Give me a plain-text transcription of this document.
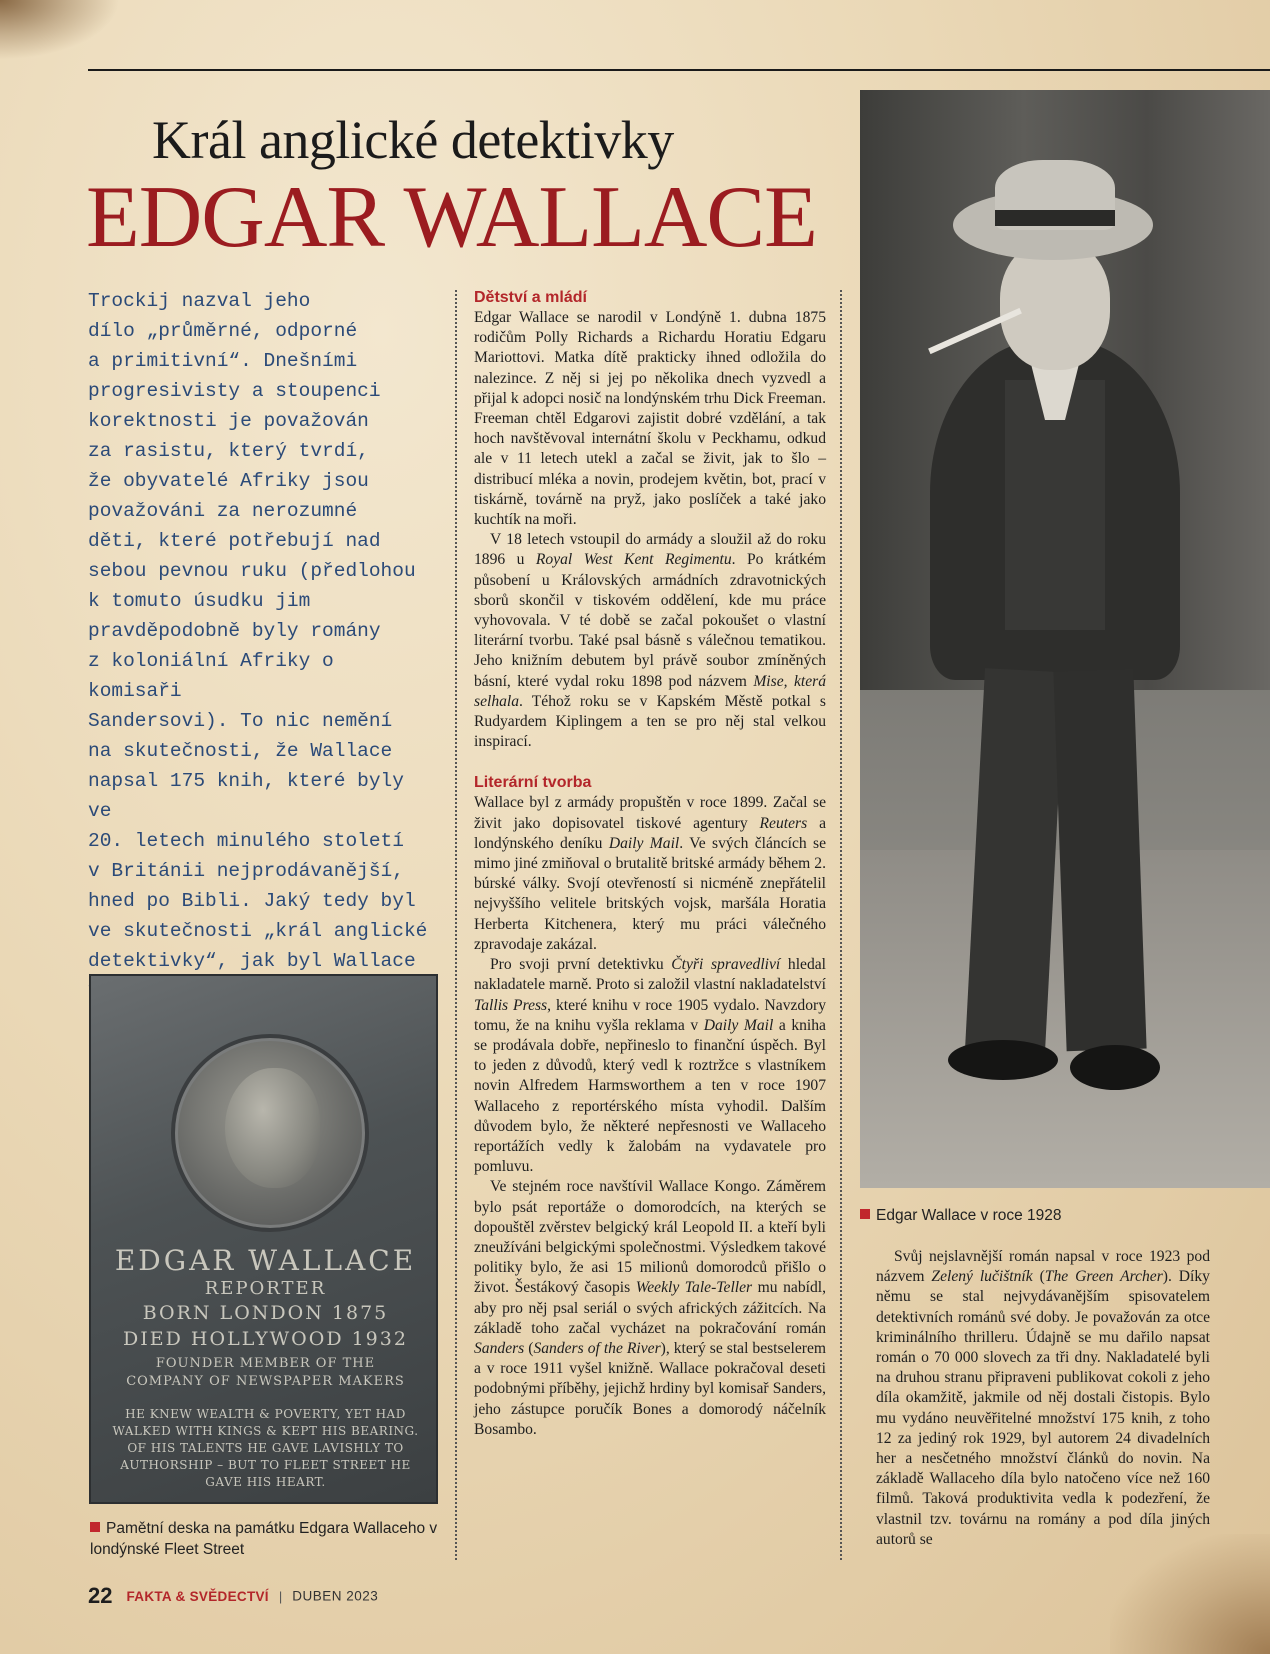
Král anglické detektivky
EDGAR WALLACE
Trockij nazval jeho
dílo „průměrné, odporné
a primitivní“. Dnešními
progresivisty a stoupenci
korektnosti je považován
za rasistu, který tvrdí,
že obyvatelé Afriky jsou
považováni za nerozumné
děti, které potřebují nad
sebou pevnou ruku (předlohou
k tomuto úsudku jim
pravděpodobně byly romány
z koloniální Afriky o komisaři
Sandersovi). To nic nemění
na skutečnosti, že Wallace
napsal 175 knih, které byly ve
20. letech minulého století
v Británii nejprodávanější,
hned po Bibli. Jaký tedy byl
ve skutečnosti „král anglické
detektivky“, jak byl Wallace

EDGAR WALLACE
REPORTER
BORN LONDON 1875
DIED HOLLYWOOD 1932
FOUNDER MEMBER OF THE
COMPANY OF NEWSPAPER MAKERS
HE KNEW WEALTH & POVERTY, YET HAD WALKED WITH KINGS & KEPT HIS BEARING. OF HIS TALENTS HE GAVE LAVISHLY TO AUTHORSHIP – BUT TO FLEET STREET HE GAVE HIS HEART.
Pamětní deska na památku Edgara Wallaceho v londýnské Fleet Street
Dětství a mládí

Edgar Wallace se narodil v Londýně 1. dubna 1875 rodičům Polly Richards a Richardu Horatiu Edgaru Mariottovi. Matka dítě prakticky ihned odložila do nalezince. Z něj si jej po několika dnech vyzvedl a přijal k adopci nosič na londýnském trhu Dick Freeman. Freeman chtěl Edgarovi zajistit dobré vzdělání, a tak hoch navštěvoval internátní školu v Peckhamu, odkud ale v 11 letech utekl a začal se živit, jak to šlo – distribucí mléka a novin, prodejem květin, bot, prací v tiskárně, továrně na pryž, jako poslíček a také jako kuchtík na moři.

V 18 letech vstoupil do armády a sloužil až do roku 1896 u Royal West Kent Regimentu. Po krátkém působení u Královských armádních zdravotnických sborů skončil v tiskovém oddělení, kde mu práce vyhovovala. V té době se začal pokoušet o vlastní literární tvorbu. Také psal básně s válečnou tematikou. Jeho knižním debutem byl právě soubor zmíněných básní, které vydal roku 1898 pod názvem Mise, která selhala. Téhož roku se v Kapském Městě potkal s Rudyardem Kiplingem a ten se pro něj stal velkou inspirací.

Literární tvorba

Wallace byl z armády propuštěn v roce 1899. Začal se živit jako dopisovatel tiskové agentury Reuters a londýnského deníku Daily Mail. Ve svých článcích se mimo jiné zmiňoval o brutalitě britské armády během 2. búrské války. Svojí otevřeností si nicméně znepřátelil nejvyššího velitele britských vojsk, maršála Horatia Herberta Kitchenera, který mu práci válečného zpravodaje zakázal.

Pro svoji první detektivku Čtyři spravedliví hledal nakladatele marně. Proto si založil vlastní nakladatelství Tallis Press, které knihu v roce 1905 vydalo. Navzdory tomu, že na knihu vyšla reklama v Daily Mail a kniha se prodávala dobře, nepřineslo to finanční úspěch. Byl to jeden z důvodů, který vedl k roztržce s vlastníkem novin Alfredem Harmsworthem a ten v roce 1907 Wallaceho z reportérského místa vyhodil. Dalším důvodem bylo, že některé nepřesnosti ve Wallaceho reportážích vedly k žalobám na vydavatele pro pomluvu.

Ve stejném roce navštívil Wallace Kongo. Záměrem bylo psát reportáže o domorodcích, na kterých se dopouštěl zvěrstev belgický král Leopold II. a kteří byli zneužíváni belgickými společnostmi. Výsledkem takové politiky bylo, že asi 15 milionů domorodců přišlo o život. Šestákový časopis Weekly Tale-Teller mu nabídl, aby pro něj psal seriál o svých afrických zážitcích. Na základě toho začal vycházet na pokračování román Sanders (Sanders of the River), který se stal bestselerem a v roce 1911 vyšel knižně. Wallace pokračoval deseti podobnými příběhy, jejichž hrdiny byl komisař Sanders, jeho zástupce poručík Bones a domorodý náčelník Bosambo.

Edgar Wallace v roce 1928

Svůj nejslavnější román napsal v roce 1923 pod názvem Zelený lučištník (The Green Archer). Díky němu se stal nejvydávanějším spisovatelem detektivních románů své doby. Je považován za otce kriminálního thrilleru. Údajně se mu dařilo napsat román o 70 000 slovech za tři dny. Nakladatelé byli na druhou stranu připraveni publikovat cokoli z jeho díla okamžitě, jakmile od něj dostali čistopis. Bylo mu vydáno neuvěřitelné množství 175 knih, z toho 12 za jediný rok 1929, byl autorem 24 divadelních her a nesčetného množství článků do novin. Na základě Wallaceho díla bylo natočeno více než 160 filmů. Taková produktivita vedla k podezření, že vlastnil tzv. továrnu na romány a pod díla jiných autorů se

22 FAKTA & SVĚDECTVÍ | DUBEN 2023
